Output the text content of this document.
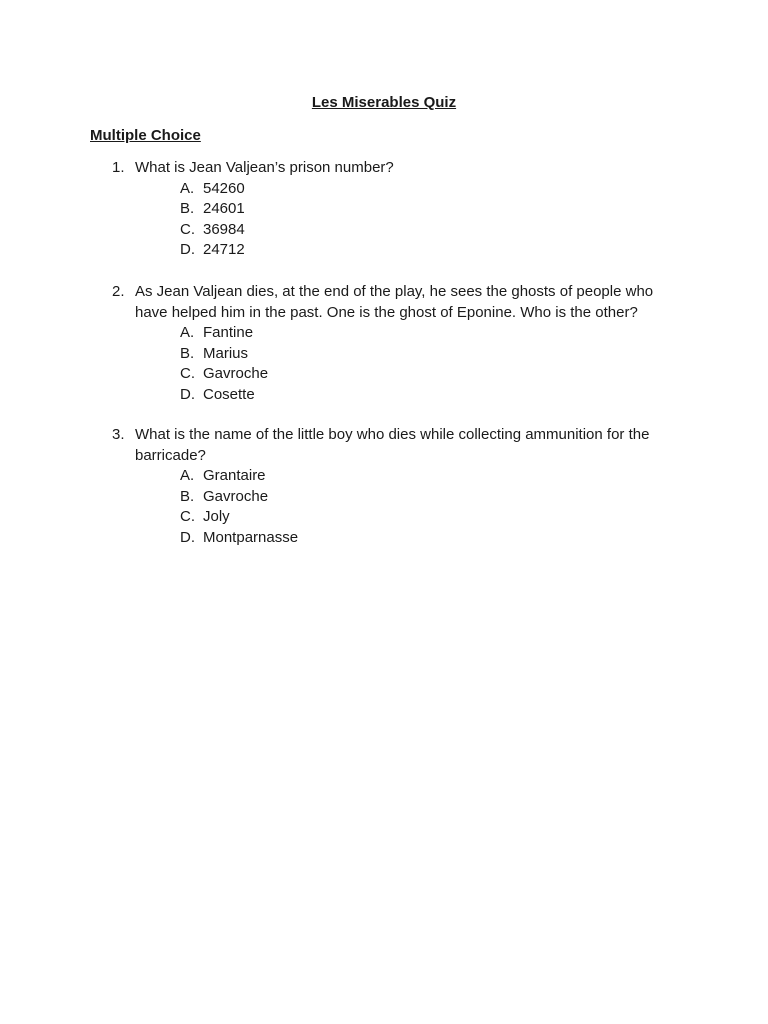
Les Miserables Quiz
Multiple Choice
1. What is Jean Valjean’s prison number?
A. 54260
B. 24601
C. 36984
D. 24712
2. As Jean Valjean dies, at the end of the play, he sees the ghosts of people who have helped him in the past. One is the ghost of Eponine. Who is the other?
A. Fantine
B. Marius
C. Gavroche
D. Cosette
3. What is the name of the little boy who dies while collecting ammunition for the barricade?
A. Grantaire
B. Gavroche
C. Joly
D. Montparnasse
